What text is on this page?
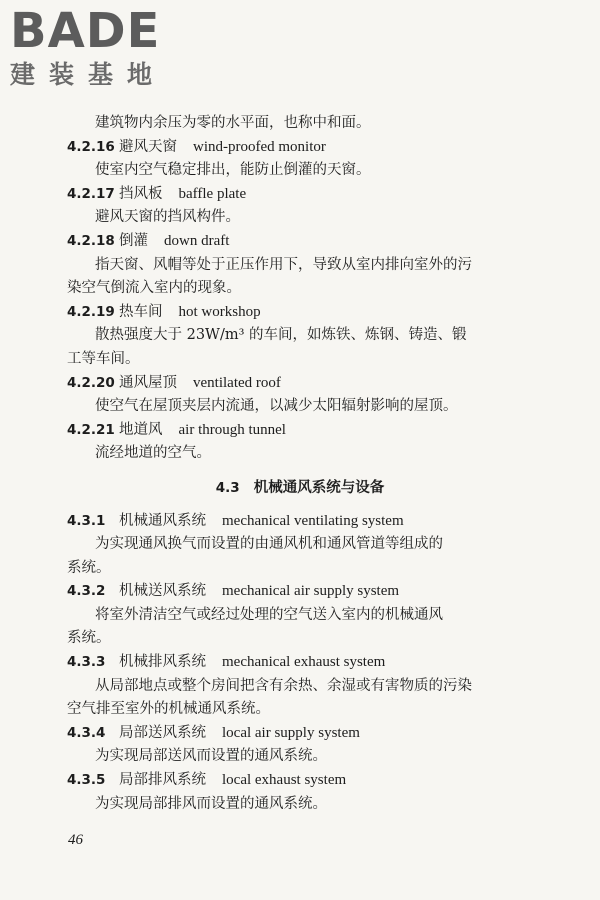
BADE
建装基地
建筑物内余压为零的水平面，也称中和面。
4.2.16 避风天窗 wind-proofed monitor
使室内空气稳定排出，能防止倒灌的天窗。
4.2.17 挡风板 baffle plate
避风天窗的挡风构件。
4.2.18 倒灌 down draft
指天窗、风帽等处于正压作用下，导致从室内排向室外的污
染空气倒流入室内的现象。
4.2.19 热车间 hot workshop
散热强度大于 23W/m³ 的车间，如炼铁、炼钢、铸造、锻
工等车间。
4.2.20 通风屋顶 ventilated roof
使空气在屋顶夹层内流通，以减少太阳辐射影响的屋顶。
4.2.21 地道风 air through tunnel
流经地道的空气。
4.3 机械通风系统与设备
4.3.1 机械通风系统 mechanical ventilating system
为实现通风换气而设置的由通风机和通风管道等组成的
系统。
4.3.2 机械送风系统 mechanical air supply system
将室外清洁空气或经过处理的空气送入室内的机械通风
系统。
4.3.3 机械排风系统 mechanical exhaust system
从局部地点或整个房间把含有余热、余湿或有害物质的污染
空气排至室外的机械通风系统。
4.3.4 局部送风系统 local air supply system
为实现局部送风而设置的通风系统。
4.3.5 局部排风系统 local exhaust system
为实现局部排风而设置的通风系统。
46
